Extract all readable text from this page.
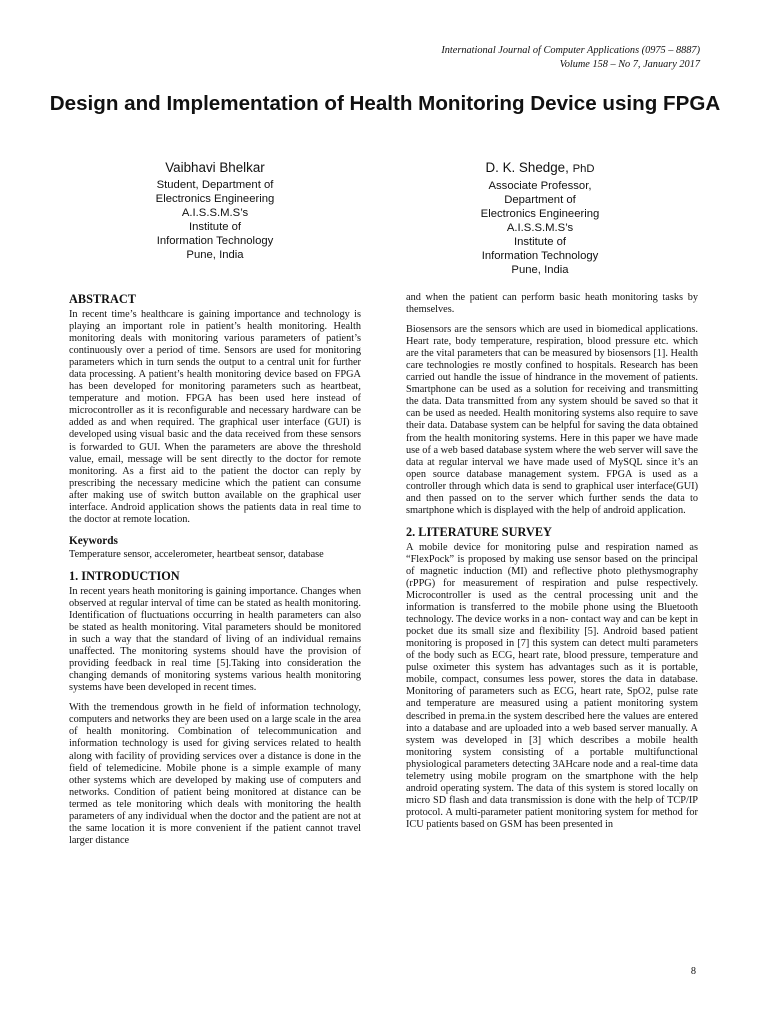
International Journal of Computer Applications (0975 – 8887)
Volume 158 – No 7, January 2017
Design and Implementation of Health Monitoring Device using FPGA
Vaibhavi Bhelkar
Student, Department of
Electronics Engineering
A.I.S.S.M.S’s
Institute of
Information Technology
Pune, India
D. K. Shedge, PhD
Associate Professor,
Department of
Electronics Engineering
A.I.S.S.M.S’s
Institute of
Information Technology
Pune, India
ABSTRACT

In recent time’s healthcare is gaining importance and technology is playing an important role in patient’s health monitoring. Health monitoring deals with monitoring various parameters of patient’s continuously over a period of time. Sensors are used for monitoring parameters which in turn sends the output to a central unit for further data processing. A patient’s health monitoring device based on FPGA has been developed for monitoring parameters such as heartbeat, temperature and motion. FPGA has been used here instead of microcontroller as it is reconfigurable and necessary hardware can be added as and when required. The graphical user interface (GUI) is developed using visual basic and the data received from these sensors is forwarded to GUI. When the parameters are above the threshold value, email, message will be sent directly to the doctor for remote monitoring. As a first aid to the patient the doctor can reply by prescribing the necessary medicine which the patient can consume after making use of switch button available on the graphical user interface. Android application shows the patients data in real time to the doctor at remote location.

Keywords

Temperature sensor, accelerometer, heartbeat sensor, database

1. INTRODUCTION

In recent years heath monitoring is gaining importance. Changes when observed at regular interval of time can be stated as health monitoring. Identification of fluctuations occurring in health parameters can also be stated as health monitoring. Vital parameters should be monitored in such a way that the standard of living of an individual remains unaffected. The monitoring systems should have the provision of providing feedback in real time [5].Taking into consideration the changing demands of monitoring systems various health monitoring systems have been developed in recent times.

With the tremendous growth in he field of information technology, computers and networks they are been used on a large scale in the area of health monitoring. Combination of telecommunication and information technology is used for giving services related to health along with facility of providing services over a distance is done in the field of telemedicine. Mobile phone is a simple example of many other systems which are developed by making use of computers and networks. Condition of patient being monitored at distance can be termed as tele monitoring which deals with monitoring the health parameters of any individual when the doctor and the patient are not at the same location it is more convenient if the patient cannot travel larger distance

and when the patient can perform basic heath monitoring tasks by themselves.

Biosensors are the sensors which are used in biomedical applications. Heart rate, body temperature, respiration, blood pressure etc. which are the vital parameters that can be measured by biosensors [1]. Health care technologies re mostly confined to hospitals. Research has been carried out handle the issue of hindrance in the movement of patients. Smartphone can be used as a solution for receiving and transmitting the data. Data transmitted from any system should be saved so that it can be used as needed. Health monitoring systems also require to save their data. Database system can be helpful for saving the data obtained from the health monitoring systems. Here in this paper we have made use of a web based database system where the web server will save the data at regular interval we have made used of MySQL since it’s an open source database management system. FPGA is used as a controller through which data is send to graphical user interface(GUI) and then passed on to the server which further sends the data to smartphone which is displayed with the help of android application.

2. LITERATURE SURVEY

A mobile device for monitoring pulse and respiration named as “FlexPock” is proposed by making use sensor based on the principal of magnetic induction (MI) and reflective photo plethysmography (rPPG) for measurement of respiration and pulse respectively. Microcontroller is used as the central processing unit and the information is transferred to the mobile phone using the Bluetooth technology. The device works in a non- contact way and can be kept in pocket due its small size and flexibility [5]. Android based patient monitoring is proposed in [7] this system can detect multi parameters of the body such as ECG, heart rate, blood pressure, temperature and pulse oximeter this system has advantages such as it is portable, mobile, compact, consumes less power, stores the data in database. Monitoring of parameters such as ECG, heart rate, SpO2, pulse rate and temperature are measured using a patient monitoring system described in prema.in the system described here the values are entered into a database and are uploaded into a web based server manually. A system was developed in [3] which describes a mobile health monitoring system consisting of a portable multifunctional physiological parameters detecting 3AHcare node and a real-time data telemetry using mobile program on the smartphone with the help android operating system. The data of this system is stored locally on micro SD flash and data transmission is done with the help of TCP/IP protocol. A multi-parameter patient monitoring system for method for ICU patients based on GSM has been presented in

8
